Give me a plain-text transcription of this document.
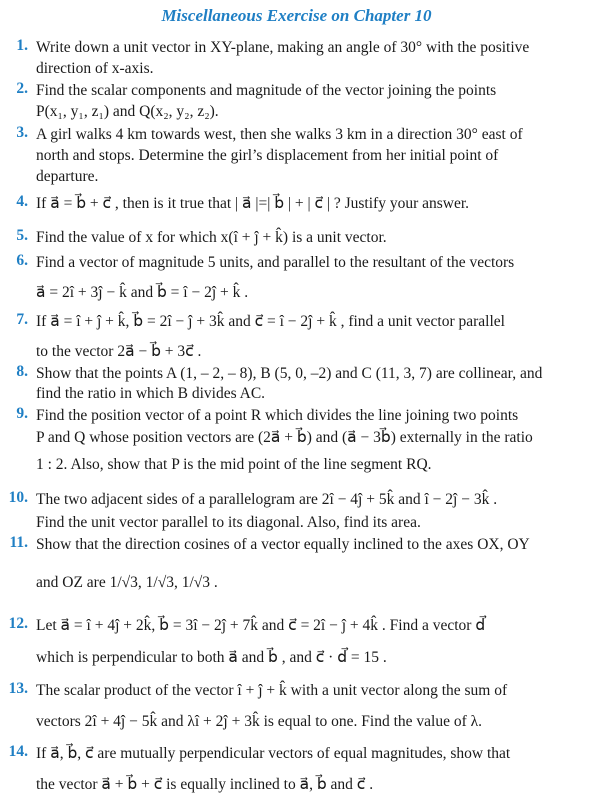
Miscellaneous Exercise on Chapter 10
1. Write down a unit vector in XY-plane, making an angle of 30° with the positive
direction of x-axis.
2. Find the scalar components and magnitude of the vector joining the points
P(x₁, y₁, z₁) and Q(x₂, y₂, z₂).
3. A girl walks 4 km towards west, then she walks 3 km in a direction 30° east of
north and stops. Determine the girl’s displacement from her initial point of
departure.
4. If a⃗ = b⃗ + c⃗ , then is it true that | a⃗ |=| b⃗ | + | c⃗ | ? Justify your answer.
5. Find the value of x for which x(î + ĵ + k̂) is a unit vector.
6. Find a vector of magnitude 5 units, and parallel to the resultant of the vectors
a⃗ = 2î + 3ĵ − k̂ and b⃗ = î − 2ĵ + k̂ .
7. If a⃗ = î + ĵ + k̂, b⃗ = 2î − ĵ + 3k̂ and c⃗ = î − 2ĵ + k̂ , find a unit vector parallel
to the vector 2a⃗ − b⃗ + 3c⃗ .
8. Show that the points A (1, – 2, – 8), B (5, 0, –2) and C (11, 3, 7) are collinear, and
find the ratio in which B divides AC.
9. Find the position vector of a point R which divides the line joining two points
P and Q whose position vectors are (2a⃗ + b⃗) and (a⃗ − 3b⃗) externally in the ratio
1 : 2. Also, show that P is the mid point of the line segment RQ.
10. The two adjacent sides of a parallelogram are 2î − 4ĵ + 5k̂ and î − 2ĵ − 3k̂ .
Find the unit vector parallel to its diagonal. Also, find its area.
11. Show that the direction cosines of a vector equally inclined to the axes OX, OY
and OZ are 1/√3, 1/√3, 1/√3 .
12. Let a⃗ = î + 4ĵ + 2k̂, b⃗ = 3î − 2ĵ + 7k̂ and c⃗ = 2î − ĵ + 4k̂ . Find a vector d⃗
which is perpendicular to both a⃗ and b⃗ , and c⃗ · d⃗ = 15 .
13. The scalar product of the vector î + ĵ + k̂ with a unit vector along the sum of
vectors 2î + 4ĵ − 5k̂ and λî + 2ĵ + 3k̂ is equal to one. Find the value of λ.
14. If a⃗, b⃗, c⃗ are mutually perpendicular vectors of equal magnitudes, show that
the vector a⃗ + b⃗ + c⃗ is equally inclined to a⃗, b⃗ and c⃗ .
